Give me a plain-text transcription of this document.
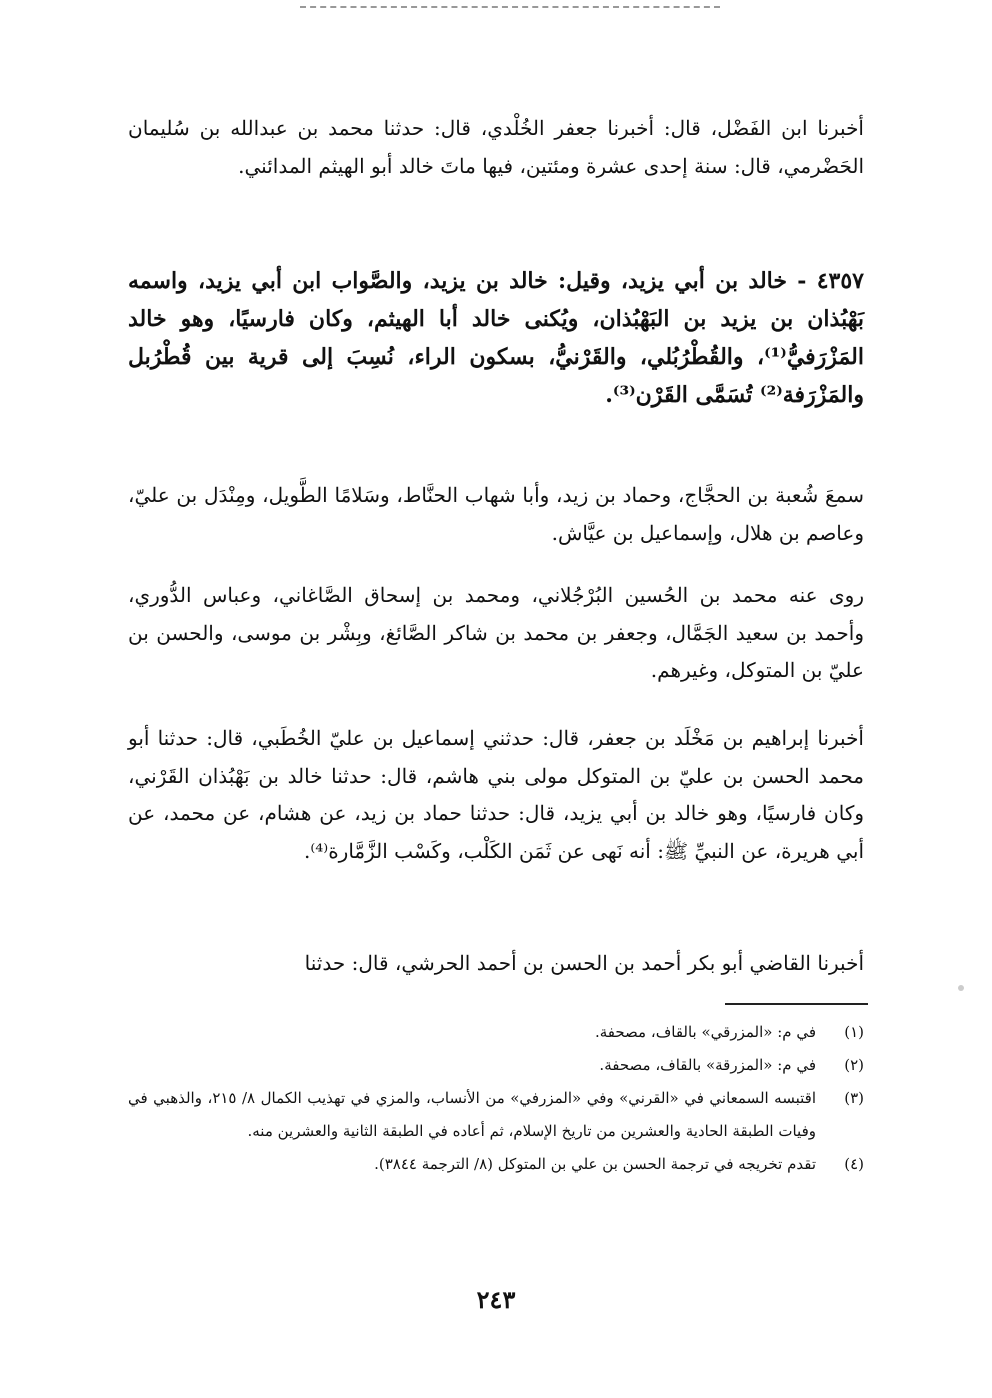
أخبرنا ابن الفَضْل، قال: أخبرنا جعفر الخُلْدي، قال: حدثنا محمد بن عبدالله بن سُليمان الحَضْرمي، قال: سنة إحدى عشرة ومئتين، فيها ماتَ خالد أبو الهيثم المدائني.

٤٣٥٧ - خالد بن أبي يزيد، وقيل: خالد بن يزيد، والصَّواب ابن أبي يزيد، واسمه بَهْبُذان بن يزيد بن البَهْبُذان، ويُكنى خالد أبا الهيثم، وكان فارسيًا، وهو خالد المَزْرَفيُّ⁽¹⁾، والقُطْرُبُلي، والقَرْنيُّ، بسكون الراء، نُسِبَ إلى قرية بين قُطْرُبل والمَزْرَفة⁽²⁾ تُسَمَّى القَرْن⁽³⁾.

سمعَ شُعبة بن الحجَّاج، وحماد بن زيد، وأبا شهاب الحنَّاط، وسَلامًا الطَّويل، ومِنْدَل بن عليّ، وعاصم بن هلال، وإسماعيل بن عيَّاش.

روى عنه محمد بن الحُسين البُرْجُلاني، ومحمد بن إسحاق الصَّاغاني، وعباس الدُّوري، وأحمد بن سعيد الجَمَّال، وجعفر بن محمد بن شاكر الصَّائغ، وبِشْر بن موسى، والحسن بن عليّ بن المتوكل، وغيرهم.

أخبرنا إبراهيم بن مَخْلَد بن جعفر، قال: حدثني إسماعيل بن عليّ الخُطَبي، قال: حدثنا أبو محمد الحسن بن عليّ بن المتوكل مولى بني هاشم، قال: حدثنا خالد بن بَهْبُذان القَرْني، وكان فارسيًا، وهو خالد بن أبي يزيد، قال: حدثنا حماد بن زيد، عن هشام، عن محمد، عن أبي هريرة، عن النبيِّ ﷺ: أنه نَهى عن ثَمَن الكَلْب، وكَسْب الزَّمَّارة⁽⁴⁾.

أخبرنا القاضي أبو بكر أحمد بن الحسن بن أحمد الحرشي، قال: حدثنا

(١)
في م: «المزرقي» بالقاف، مصحفة.
(٢)
في م: «المزرقة» بالقاف، مصحفة.
(٣)
اقتبسه السمعاني في «القرني» وفي «المزرفي» من الأنساب، والمزي في تهذيب الكمال ٨/ ٢١٥، والذهبي في وفيات الطبقة الحادية والعشرين من تاريخ الإسلام، ثم أعاده في الطبقة الثانية والعشرين منه.
(٤)
تقدم تخريجه في ترجمة الحسن بن علي بن المتوكل (٨/ الترجمة ٣٨٤٤).
٢٤٣
